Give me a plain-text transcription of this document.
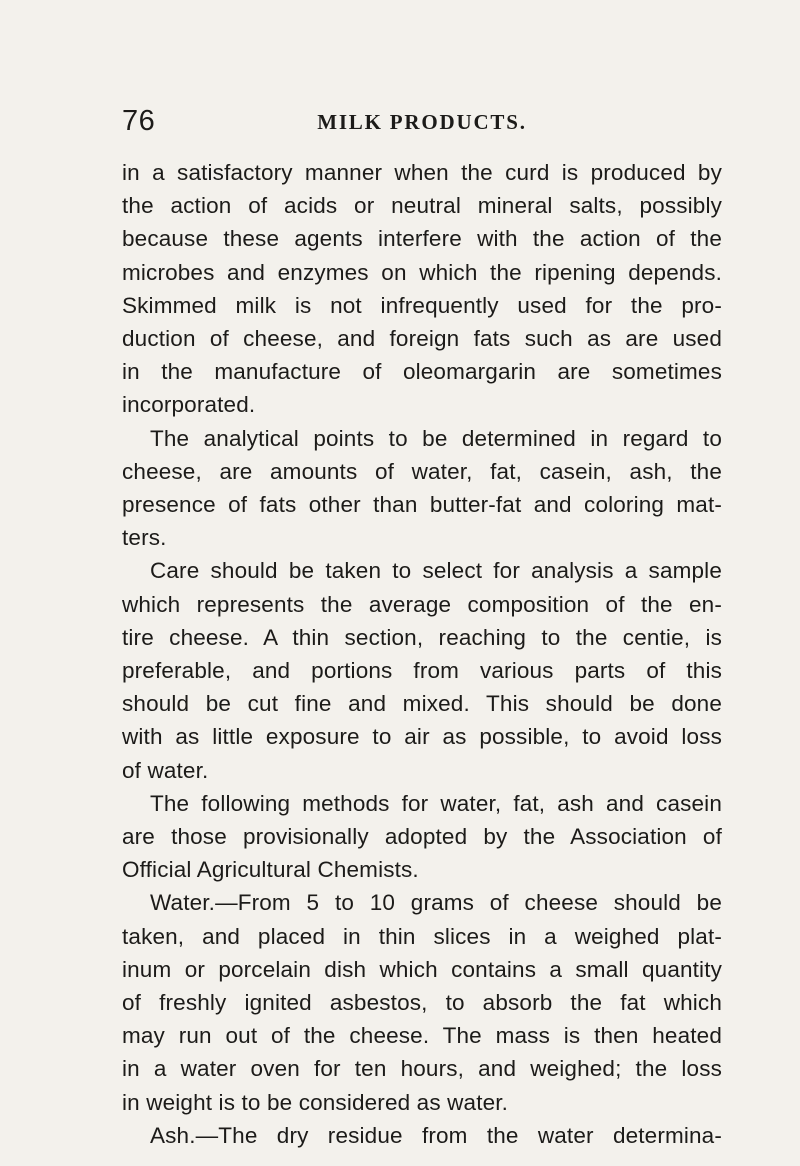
76	MILK PRODUCTS.
in a satisfactory manner when the curd is produced by
the action of acids or neutral mineral salts, possibly
because these agents interfere with the action of the
microbes and enzymes on which the ripening depends.
Skimmed milk is not infrequently used for the pro-
duction of cheese, and foreign fats such as are used
in the manufacture of oleomargarin are sometimes
incorporated.
The analytical points to be determined in regard to
cheese, are amounts of water, fat, casein, ash, the
presence of fats other than butter-fat and coloring mat-
ters.
Care should be taken to select for analysis a sample
which represents the average composition of the en-
tire cheese. A thin section, reaching to the centie, is
preferable, and portions from various parts of this
should be cut fine and mixed. This should be done
with as little exposure to air as possible, to avoid loss
of water.
The following methods for water, fat, ash and casein
are those provisionally adopted by the Association of
Official Agricultural Chemists.
Water.—From 5 to 10 grams of cheese should be
taken, and placed in thin slices in a weighed plat-
inum or porcelain dish which contains a small quantity
of freshly ignited asbestos, to absorb the fat which
may run out of the cheese. The mass is then heated
in a water oven for ten hours, and weighed; the loss
in weight is to be considered as water.
Ash.—The dry residue from the water determina-
